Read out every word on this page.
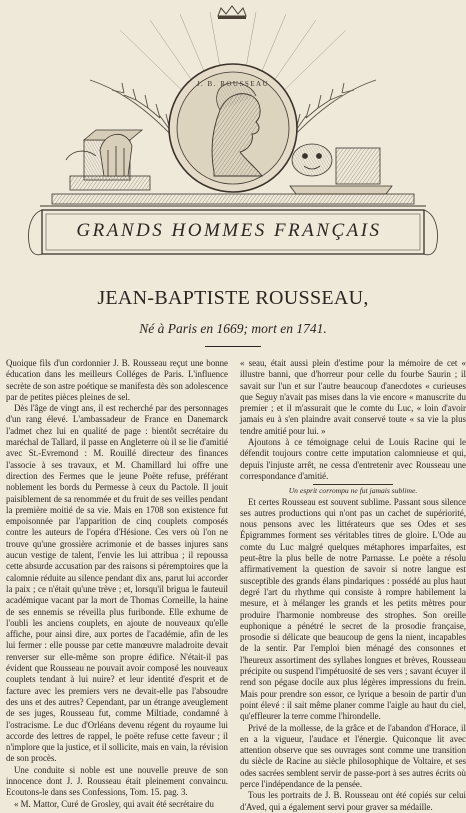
J. B. ROUSSEAU
GRANDS HOMMES FRANÇAIS
JEAN-BAPTISTE ROUSSEAU,

Né à Paris en 1669; mort en 1741.

Quoique fils d'un cordonnier J. B. Rousseau reçut une bonne éducation dans les meilleurs Colléges de Paris. L'influence secrète de son astre poétique se manifesta dès son adolescence par de petites pièces pleines de sel.

Dès l'âge de vingt ans, il est recherché par des personnages d'un rang élevé. L'ambassadeur de France en Danemarck l'admet chez lui en qualité de page : bientôt secrétaire du maréchal de Tallard, il passe en Angleterre où il se lie d'amitié avec St.-Evremond : M. Rouillé directeur des finances l'associe à ses travaux, et M. Chamillard lui offre une direction des Fermes que le jeune Poëte refuse, préférant noblement les bords du Permesse à ceux du Pactole. Il jouit paisiblement de sa renommée et du fruit de ses veilles pendant la première moitié de sa vie. Mais en 1708 son existence fut empoisonnée par l'apparition de cinq couplets composés contre les auteurs de l'opéra d'Hésione. Ces vers où l'on ne trouve qu'une grossière acrimonie et de basses injures sans aucun vestige de talent, l'envie les lui attribua ; il repoussa cette absurde accusation par des raisons si péremptoires que la calomnie réduite au silence pendant dix ans, parut lui accorder la paix ; ce n'était qu'une trève ; et, lorsqu'il brigua le fauteuil académique vacant par la mort de Thomas Corneille, la haine de ses ennemis se réveilla plus furibonde. Elle exhume de l'oubli les anciens couplets, en ajoute de nouveaux qu'elle affiche, pour ainsi dire, aux portes de l'académie, afin de les lui fermer : elle pousse par cette manœuvre maladroite devait renverser sur elle-même son propre édifice. N'était-il pas évident que Rousseau ne pouvait avoir composé les nouveaux couplets tendant à lui nuire? et leur identité d'esprit et de facture avec les premiers vers ne devait-elle pas l'absoudre des uns et des autres? Cependant, par un étrange aveuglement de ses juges, Rousseau fut, comme Miltiade, condamné à l'ostracisme. Le duc d'Orléans devenu régent du royaume lui accorde des lettres de rappel, le poëte refuse cette faveur ; il n'implore que la justice, et il sollicite, mais en vain, la révision de son procès.

Une conduite si noble est une nouvelle preuve de son innocence dont J. J. Rousseau était pleinement convaincu. Ecoutons-le dans ses Confessions, Tom. 15. pag. 3.

« M. Mattor, Curé de Grosley, qui avait été secrétaire du

« seau, était aussi plein d'estime pour la mémoire de cet « illustre banni, que d'horreur pour celle du fourbe Saurin ; il savait sur l'un et sur l'autre beaucoup d'anecdotes « curieuses que Seguy n'avait pas mises dans la vie encore « manuscrite du premier ; et il m'assurait que le comte du Luc, « loin d'avoir jamais eu à s'en plaindre avait conservé toute « sa vie la plus tendre amitié pour lui. »

Ajoutons à ce témoignage celui de Louis Racine qui le défendit toujours contre cette imputation calomnieuse et qui, depuis l'injuste arrêt, ne cessa d'entretenir avec Rousseau une correspondance d'amitié.

Un esprit corrompu ne fut jamais sublime.

Et certes Rousseau est souvent sublime. Passant sous silence ses autres productions qui n'ont pas un cachet de supériorité, nous pensons avec les littérateurs que ses Odes et ses Épigrammes forment ses véritables titres de gloire. L'Ode au comte du Luc malgré quelques métaphores imparfaites, est peut-être la plus belle de notre Parnasse. Le poète a résolu affirmativement la question de savoir si notre langue est susceptible des grands élans pindariques : possédé au plus haut degré l'art du rhythme qui consiste à rompre habilement la mesure, et à mélanger les grands et les petits mètres pour produire l'harmonie nombreuse des strophes. Son oreille euphonique a pénétré le secret de la prosodie française, prosodie si délicate que beaucoup de gens la nient, incapables de la sentir. Par l'emploi bien ménagé des consonnes et l'heureux assortiment des syllabes longues et brèves, Rousseau précipite ou suspend l'impétuosité de ses vers ; savant écuyer il rend son pégase docile aux plus légères impressions du frein. Mais pour prendre son essor, ce lyrique a besoin de partir d'un point élevé : il sait même planer comme l'aigle au haut du ciel, qu'effleurer la terre comme l'hirondelle.

Privé de la mollesse, de la grâce et de l'abandon d'Horace, il en a la vigueur, l'audace et l'énergie. Quiconque lit avec attention observe que ses ouvrages sont comme une transition du siècle de Racine au siècle philosophique de Voltaire, et ses odes sacrées semblent servir de passe-port à ses autres écrits où perce l'indépendance de la pensée.

Tous les portraits de J. B. Rousseau ont été copiés sur celui d'Aved, qui a également servi pour graver sa médaille.
